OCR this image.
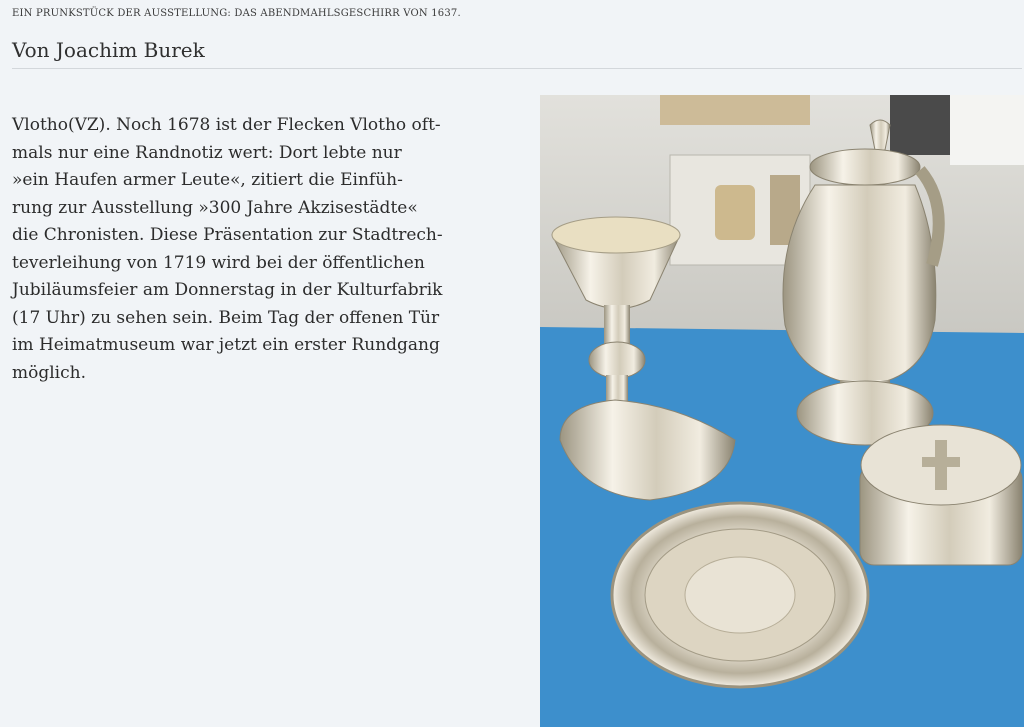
EIN PRUNKSTÜCK DER AUSSTELLUNG: DAS ABENDMAHLSGESCHIRR VON 1637.
Von Joachim Burek
Vlotho(VZ). Noch 1678 ist der Flecken Vlotho oft-
mals nur eine Randnotiz wert: Dort lebte nur
»ein Haufen armer Leute«, zitiert die Einfüh-
rung zur Ausstellung »300 Jahre Akzisestädte«
die Chronisten. Diese Präsentation zur Stadtrech-
teverleihung von 1719 wird bei der öffentlichen
Jubiläumsfeier am Donnerstag in der Kulturfabrik
(17 Uhr) zu sehen sein. Beim Tag der offenen Tür
im Heimatmuseum war jetzt ein erster Rundgang
möglich.
